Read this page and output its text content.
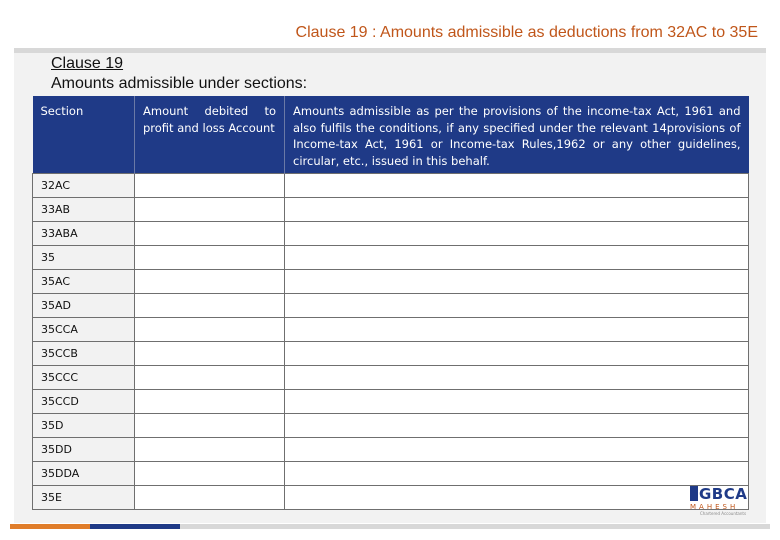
Clause 19 : Amounts admissible as deductions from 32AC to 35E
Clause 19
Amounts admissible under sections:
Section	Amount debited to profit and loss Account	Amounts admissible as per the provisions of the income-tax Act, 1961 and also fulfils the conditions, if any specified under the relevant 14provisions of Income-tax Act, 1961 or Income-tax Rules,1962 or any other guidelines, circular, etc., issued in this behalf.
32AC		
33AB		
33ABA		
35		
35AC		
35AD		
35CCA		
35CCB		
35CCC		
35CCD		
35D		
35DD		
35DDA		
35E			GBCA
MAHESH
Chartered Accountants
